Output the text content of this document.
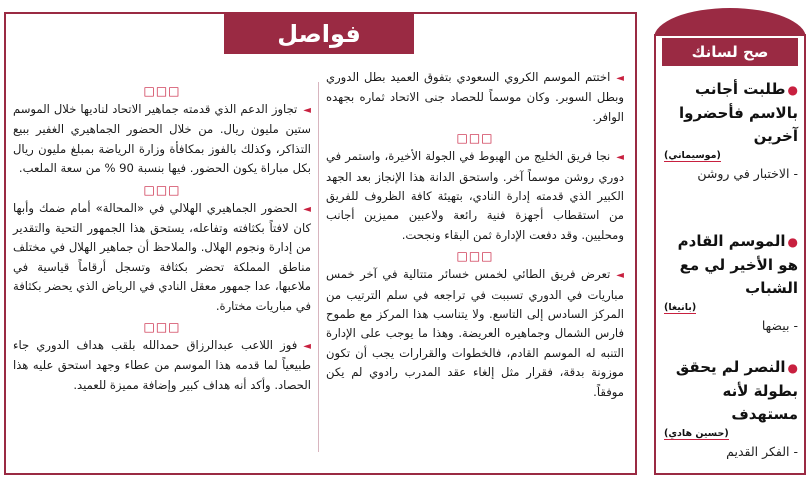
صح لسانك
●طلبت أجانب بالاسم فأحضروا آخرين
(موسيماني)
- الاختبار في روشن
●الموسم القادم هو الأخير لي مع الشباب
(بانيغا)
- بيضها
●النصر لم يحقق بطولة لأنه مستهدف
(حسين هادي)
- الفكر القديم
فواصل

◄اختتم الموسم الكروي السعودي بتفوق العميد بطل الدوري وبطل السوبر. وكان موسماً للحصاد جنى الاتحاد ثماره بجهده الوافر.

□□□

◄نجا فريق الخليج من الهبوط في الجولة الأخيرة، واستمر في دوري روشن موسماً آخر. واستحق الدانة هذا الإنجاز بعد الجهد الكبير الذي قدمته إدارة النادي، بتهيئة كافة الظروف للفريق من استقطاب أجهزة فنية رائعة ولاعبين مميزين أجانب ومحليين. وقد دفعت الإدارة ثمن البقاء ونجحت.

□□□

◄تعرض فريق الطائي لخمس خسائر متتالية في آخر خمس مباريات في الدوري تسببت في تراجعه في سلم الترتيب من المركز السادس إلى التاسع. ولا يتناسب هذا المركز مع طموح فارس الشمال وجماهيره العريضة. وهذا ما يوجب على الإدارة التنبه له الموسم القادم، فالخطوات والقرارات يجب أن تكون موزونة بدقة، فقرار مثل إلغاء عقد المدرب رادوي لم يكن موفقاً.

□□□

◄تجاوز الدعم الذي قدمته جماهير الاتحاد لناديها خلال الموسم ستين مليون ريال. من خلال الحضور الجماهيري الغفير ببيع التذاكر، وكذلك بالفوز بمكافأة وزارة الرياضة بمبلغ مليون ريال بكل مباراة يكون الحضور. فيها بنسبة 90 % من سعة الملعب.

□□□

◄الحضور الجماهيري الهلالي في «المحالة» أمام ضمك وأبها كان لافتاً بكثافته وتفاعله، يستحق هذا الجمهور التحية والتقدير من إدارة ونجوم الهلال. والملاحظ أن جماهير الهلال في مختلف مناطق المملكة تحضر بكثافة وتسجل أرقاماً قياسية في ملاعبها، عدا جمهور معقل النادي في الرياض الذي يحضر بكثافة في مباريات مختارة.

□□□

◄فوز اللاعب عبدالرزاق حمدالله بلقب هداف الدوري جاء طبيعياً لما قدمه هذا الموسم من عطاء وجهد استحق عليه هذا الحصاد. وأكد أنه هداف كبير وإضافة مميزة للعميد.
